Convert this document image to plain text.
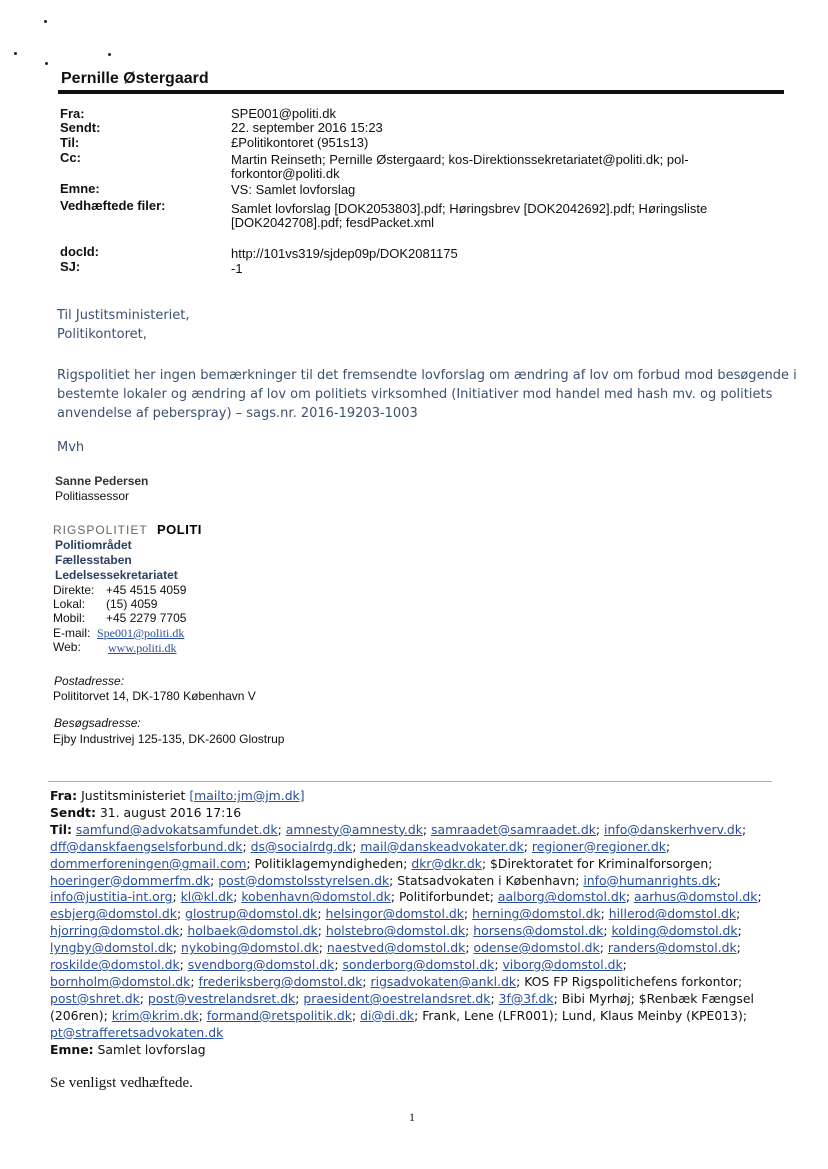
Pernille Østergaard
Fra:	SPE001@politi.dk
Sendt:	22. september 2016 15:23
Til:	£Politikontoret (951s13)
Cc:	Martin Reinseth; Pernille Østergaard; kos-Direktionssekretariatet@politi.dk; pol-
forkontor@politi.dk
Emne:	VS: Samlet lovforslag
Vedhæftede filer:	Samlet lovforslag [DOK2053803].pdf; Høringsbrev [DOK2042692].pdf; Høringsliste
[DOK2042708].pdf; fesdPacket.xml
docId:	http://101vs319/sjdep09p/DOK2081175
SJ:	-1
Til Justitsministeriet,
Politikontoret,
Rigspolitiet her ingen bemærkninger til det fremsendte lovforslag om ændring af lov om forbud mod besøgende i
bestemte lokaler og ændring af lov om politiets virksomhed (Initiativer mod handel med hash mv. og politiets
anvendelse af peberspray) – sags.nr. 2016-19203-1003
Mvh
Sanne Pedersen
Politiassessor
RIGSPOLITIET POLITI
Politiområdet
Fællesstaben
Ledelsessekretariatet
Direkte: +45 4515 4059
Lokal: (15) 4059
Mobil: +45 2279 7705
E-mail: Spe001@politi.dk
Web: www.politi.dk
Postadresse:
Polititorvet 14, DK-1780 København V
Besøgsadresse:
Ejby Industrivej 125-135, DK-2600 Glostrup
Fra: Justitsministeriet [mailto:jm@jm.dk]
Sendt: 31. august 2016 17:16
Til: samfund@advokatsamfundet.dk; amnesty@amnesty.dk; samraadet@samraadet.dk; info@danskerhverv.dk; dff@danskfaengselsforbund.dk; ds@socialrdg.dk; mail@danskeadvokater.dk; regioner@regioner.dk; dommerforeningen@gmail.com; Politiklagemyndigheden; dkr@dkr.dk; $Direktoratet for Kriminalforsorgen; hoeringer@dommerfm.dk; post@domstolsstyrelsen.dk; Statsadvokaten i København; info@humanrights.dk; info@justitia-int.org; kl@kl.dk; kobenhavn@domstol.dk; Politiforbundet; aalborg@domstol.dk; aarhus@domstol.dk; esbjerg@domstol.dk; glostrup@domstol.dk; helsingor@domstol.dk; herning@domstol.dk; hillerod@domstol.dk; hjorring@domstol.dk; holbaek@domstol.dk; holstebro@domstol.dk; horsens@domstol.dk; kolding@domstol.dk; lyngby@domstol.dk; nykobing@domstol.dk; naestved@domstol.dk; odense@domstol.dk; randers@domstol.dk; roskilde@domstol.dk; svendborg@domstol.dk; sonderborg@domstol.dk; viborg@domstol.dk; bornholm@domstol.dk; frederiksberg@domstol.dk; rigsadvokaten@ankl.dk; KOS FP Rigspolitichefens forkontor; post@shret.dk; post@vestrelandsret.dk; praesident@oestrelandsret.dk; 3f@3f.dk; Bibi Myrhøj; $Renbæk Fængsel (206ren); krim@krim.dk; formand@retspolitik.dk; di@di.dk; Frank, Lene (LFR001); Lund, Klaus Meinby (KPE013); pt@strafferetsadvokaten.dk
Emne: Samlet lovforslag
Se venligst vedhæftede.
1
